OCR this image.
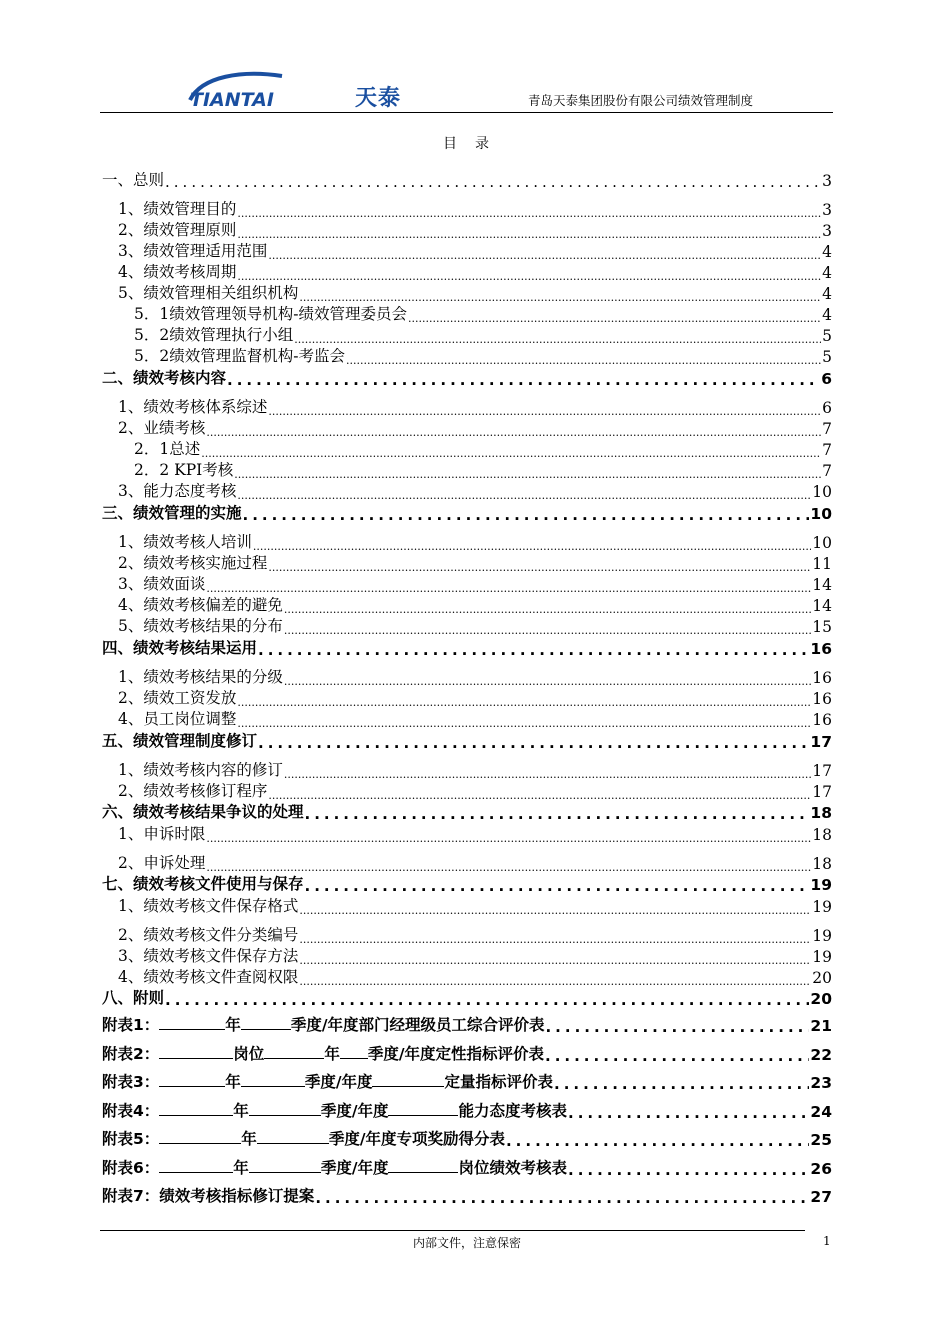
TIANTAI	天泰	青岛天泰集团股份有限公司绩效管理制度
目录
一、总则 .....	3
1、绩效管理目的 .....	3
2、绩效管理原则 .....	3
3、绩效管理适用范围 .....	4
4、绩效考核周期 .....	4
5、绩效管理相关组织机构 .....	4
5．1绩效管理领导机构-绩效管理委员会 .....	4
5．2绩效管理执行小组 .....	5
5．2绩效管理监督机构-考监会 .....	5
二、绩效考核内容 .....	6
1、绩效考核体系综述 .....	6
2、业绩考核 .....	7
2．1总述 .....	7
2．2 KPI考核 .....	7
3、能力态度考核 .....	10
三、绩效管理的实施 .....	10
1、绩效考核人培训 .....	10
2、绩效考核实施过程 .....	11
3、绩效面谈 .....	14
4、绩效考核偏差的避免 .....	14
5、绩效考核结果的分布 .....	15
四、绩效考核结果运用 .....	16
1、绩效考核结果的分级 .....	16
2、绩效工资发放 .....	16
4、员工岗位调整 .....	16
五、绩效管理制度修订 .....	17
1、绩效考核内容的修订 .....	17
2、绩效考核修订程序 .....	17
六、绩效考核结果争议的处理 .....	18
1、申诉时限 .....	18
2、申诉处理 .....	18
七、绩效考核文件使用与保存 .....	19
1、绩效考核文件保存格式 .....	19
2、绩效考核文件分类编号 .....	19
3、绩效考核文件保存方法 .....	19
4、绩效考核文件查阅权限 .....	20
八、附则 .....	20
附表1：	年	季度/年度部门经理级员工综合评价表 .....	21
附表2：	岗位	年 季度/年度定性指标评价表 .....	22
附表3：	年	季度/年度	定量指标评价表 .....	23
附表4：	年	季度/年度	能力态度考核表 .....	24
附表5：	年	季度/年度专项奖励得分表 .....	25
附表6：	年	季度/年度	岗位绩效考核表 .....	26
附表7：绩效考核指标修订提案 .....	27
内部文件，注意保密	1
